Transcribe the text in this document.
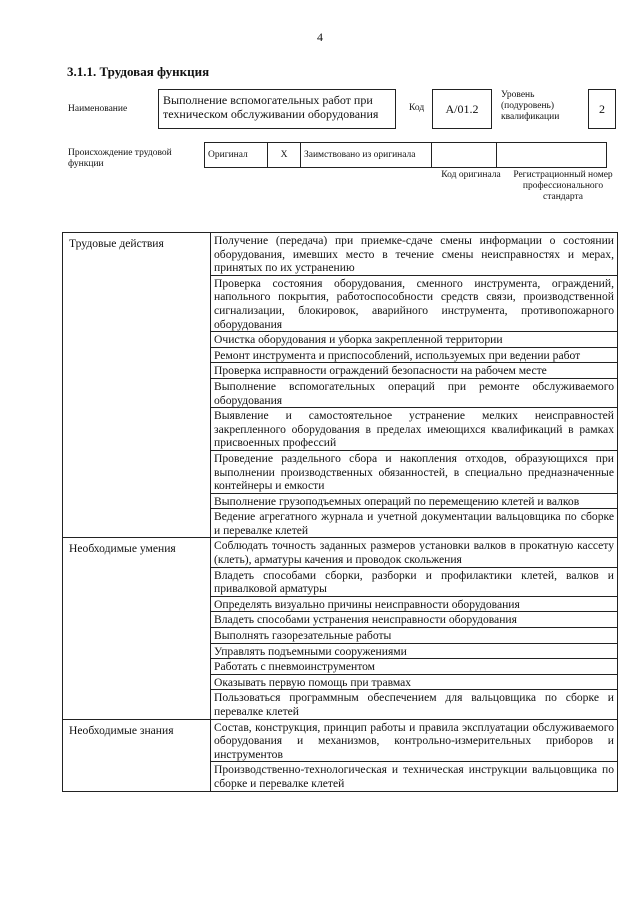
4
3.1.1. Трудовая функция
Наименование
Выполнение вспомогательных работ при техническом обслуживании оборудования	Код	A/01.2
Уровень (подуровень) квалификации
2
Происхождение трудовой функции
Оригинал	X	Заимствовано из оригинала		
Код оригинала	Регистрационный номер профессионального стандарта
Трудовые действия	Получение (передача) при приемке-сдаче смены информации о состоянии оборудования, имевших место в течение смены неисправностях и мерах, принятых по их устранению
	Проверка состояния оборудования, сменного инструмента, ограждений, напольного покрытия, работоспособности средств связи, производственной сигнализации, блокировок, аварийного инструмента, противопожарного оборудования
	Очистка оборудования и уборка закрепленной территории
	Ремонт инструмента и приспособлений, используемых при ведении работ
	Проверка исправности ограждений безопасности на рабочем месте
	Выполнение вспомогательных операций при ремонте обслуживаемого оборудования
	Выявление и самостоятельное устранение мелких неисправностей закрепленного оборудования в пределах имеющихся квалификаций в рамках присвоенных профессий
	Проведение раздельного сбора и накопления отходов, образующихся при выполнении производственных обязанностей, в специально предназначенные контейнеры и емкости
	Выполнение грузоподъемных операций по перемещению клетей и валков
	Ведение агрегатного журнала и учетной документации вальцовщика по сборке и перевалке клетей
Необходимые умения	Соблюдать точность заданных размеров установки валков в прокатную кассету (клеть), арматуры качения и проводок скольжения
	Владеть способами сборки, разборки и профилактики клетей, валков и привалковой арматуры
	Определять визуально причины неисправности оборудования
	Владеть способами устранения неисправности оборудования
	Выполнять газорезательные работы
	Управлять подъемными сооружениями
	Работать с пневмоинструментом
	Оказывать первую помощь при травмах
	Пользоваться программным обеспечением для вальцовщика по сборке и перевалке клетей
Необходимые знания	Состав, конструкция, принцип работы и правила эксплуатации обслуживаемого оборудования и механизмов, контрольно-измерительных приборов и инструментов
	Производственно-технологическая и техническая инструкции вальцовщика по сборке и перевалке клетей
